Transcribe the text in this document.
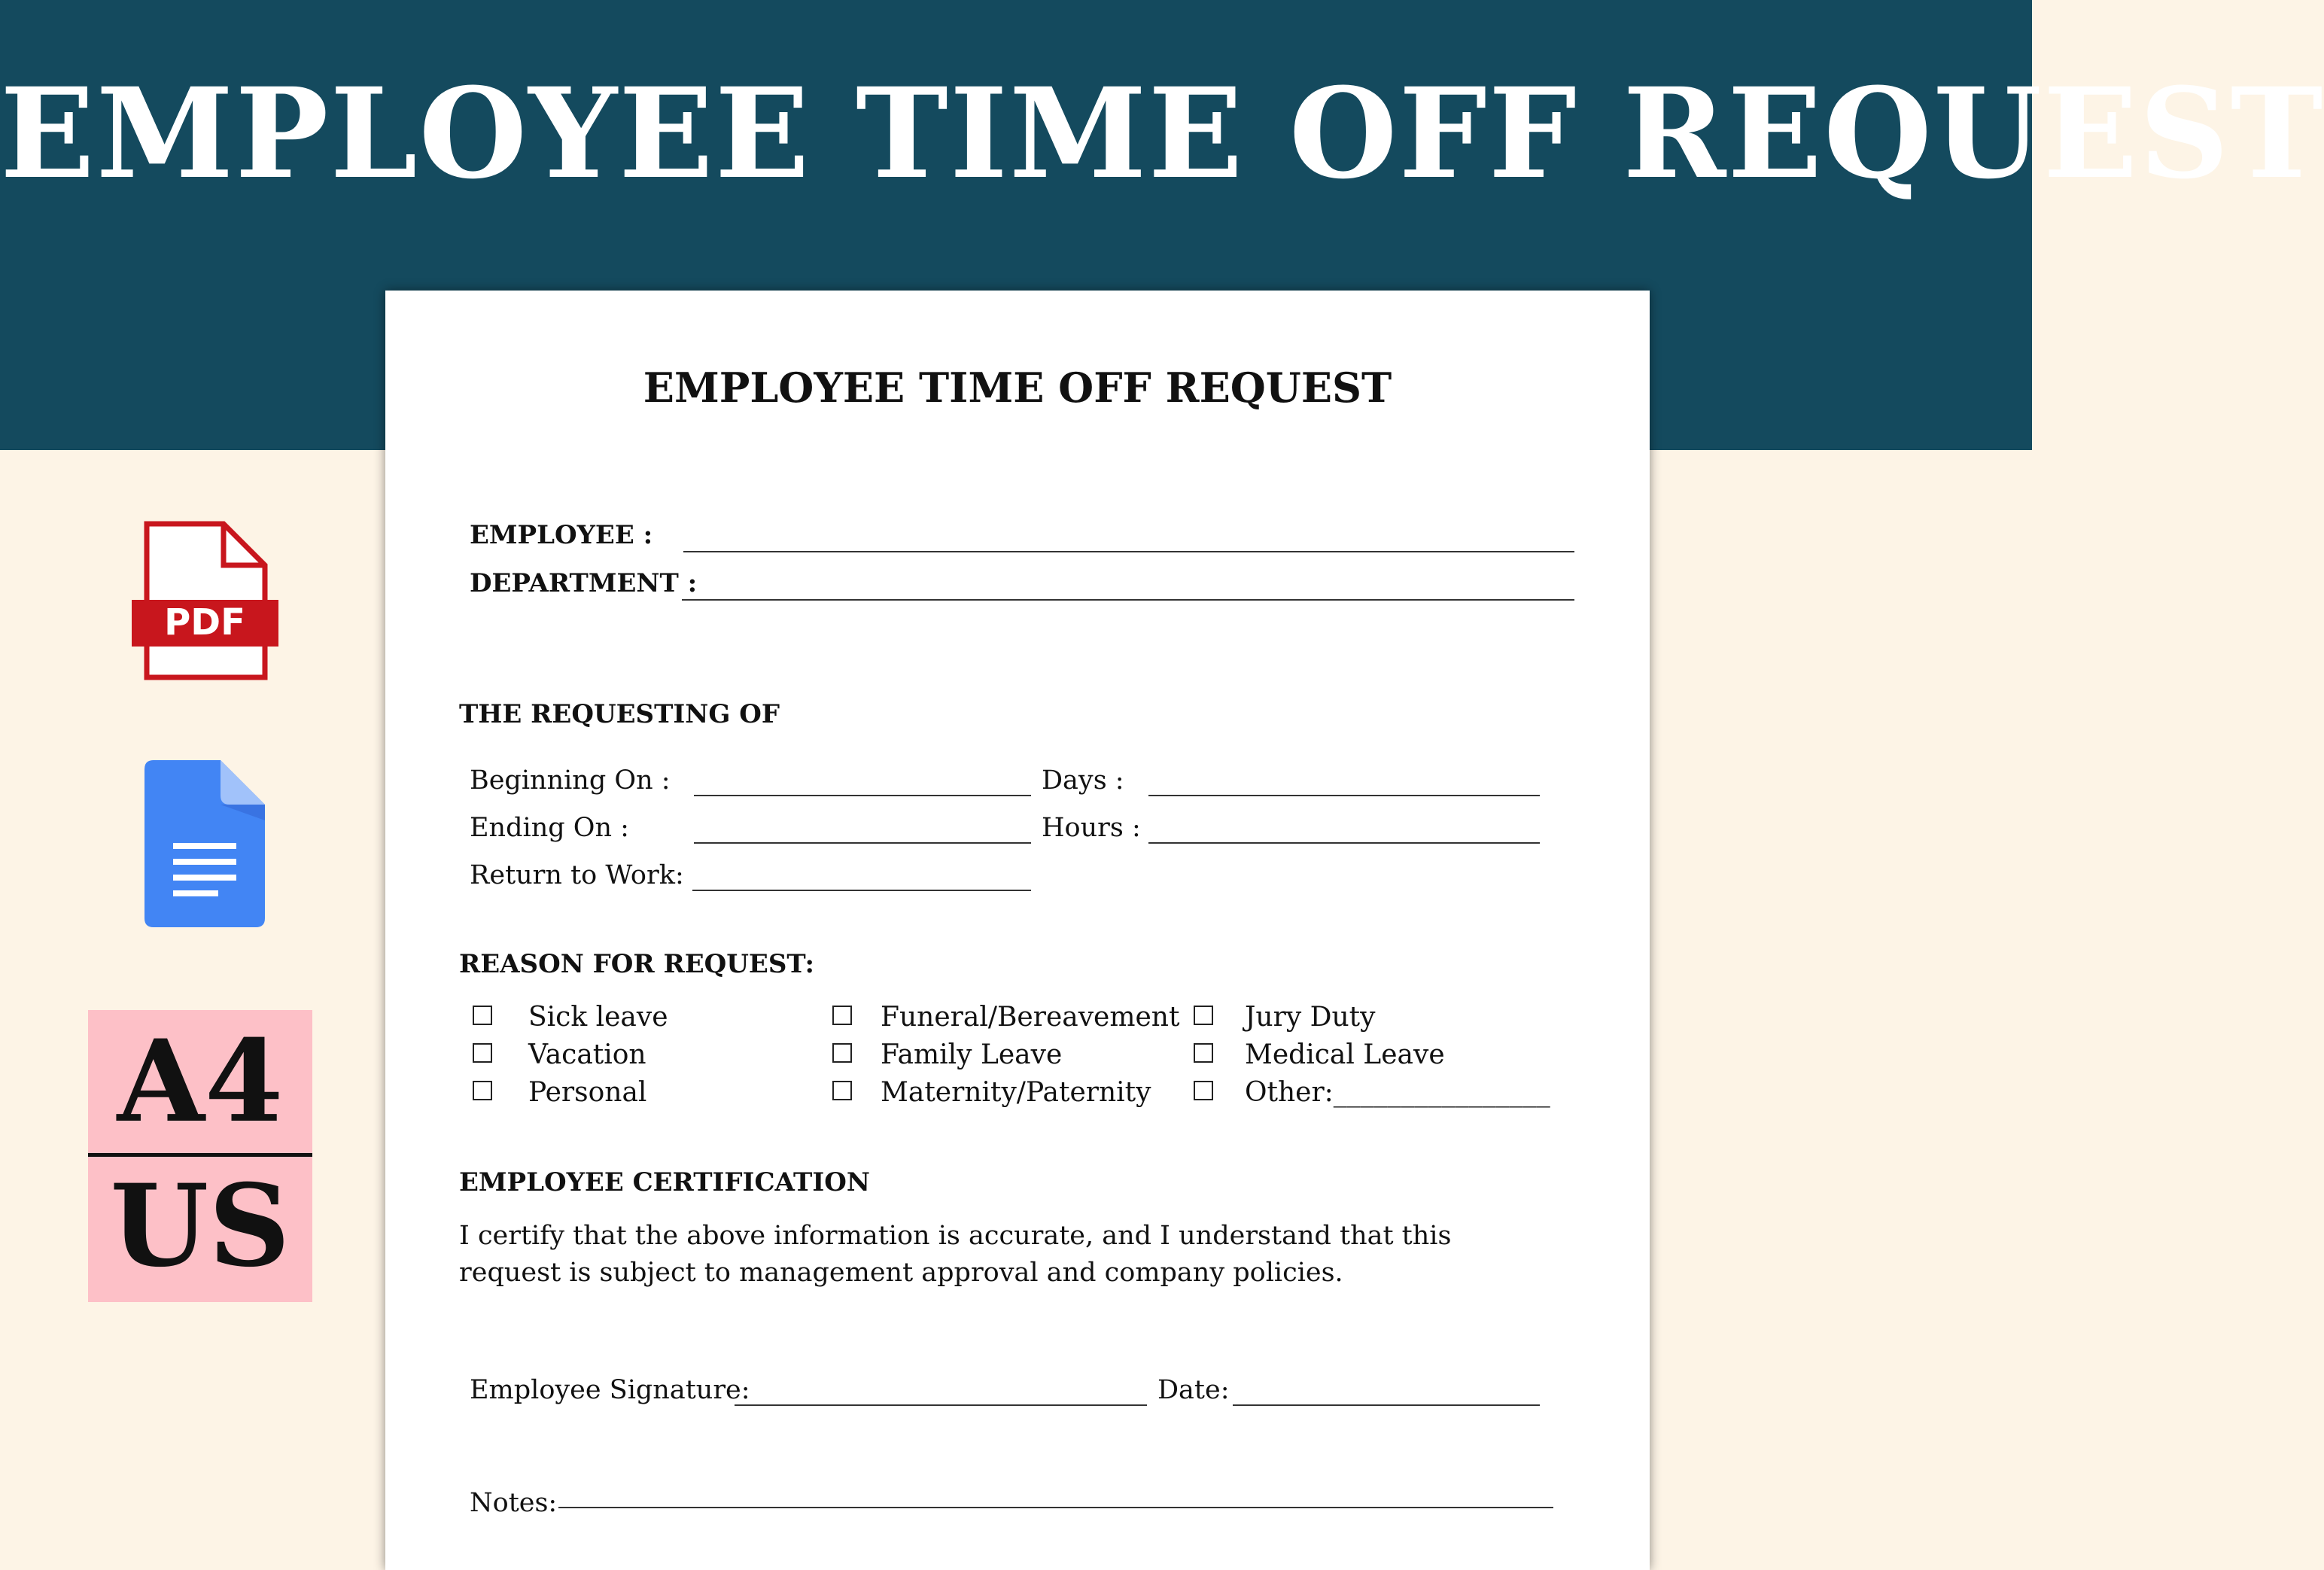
EMPLOYEE TIME OFF REQUEST
PDF
A4
US
EMPLOYEE TIME OFF REQUEST
EMPLOYEE :
DEPARTMENT :
THE REQUESTING OF
Beginning On :	Days :
Ending On :	Hours :
Return to Work:
REASON FOR REQUEST:
Sick leave
Vacation
Personal
Funeral/Bereavement
Family Leave
Maternity/Paternity
Jury Duty
Medical Leave
Other:________________
EMPLOYEE CERTIFICATION
I certify that the above information is accurate, and I understand that this request is subject to management approval and company policies.
Employee Signature:	Date:
Notes:
